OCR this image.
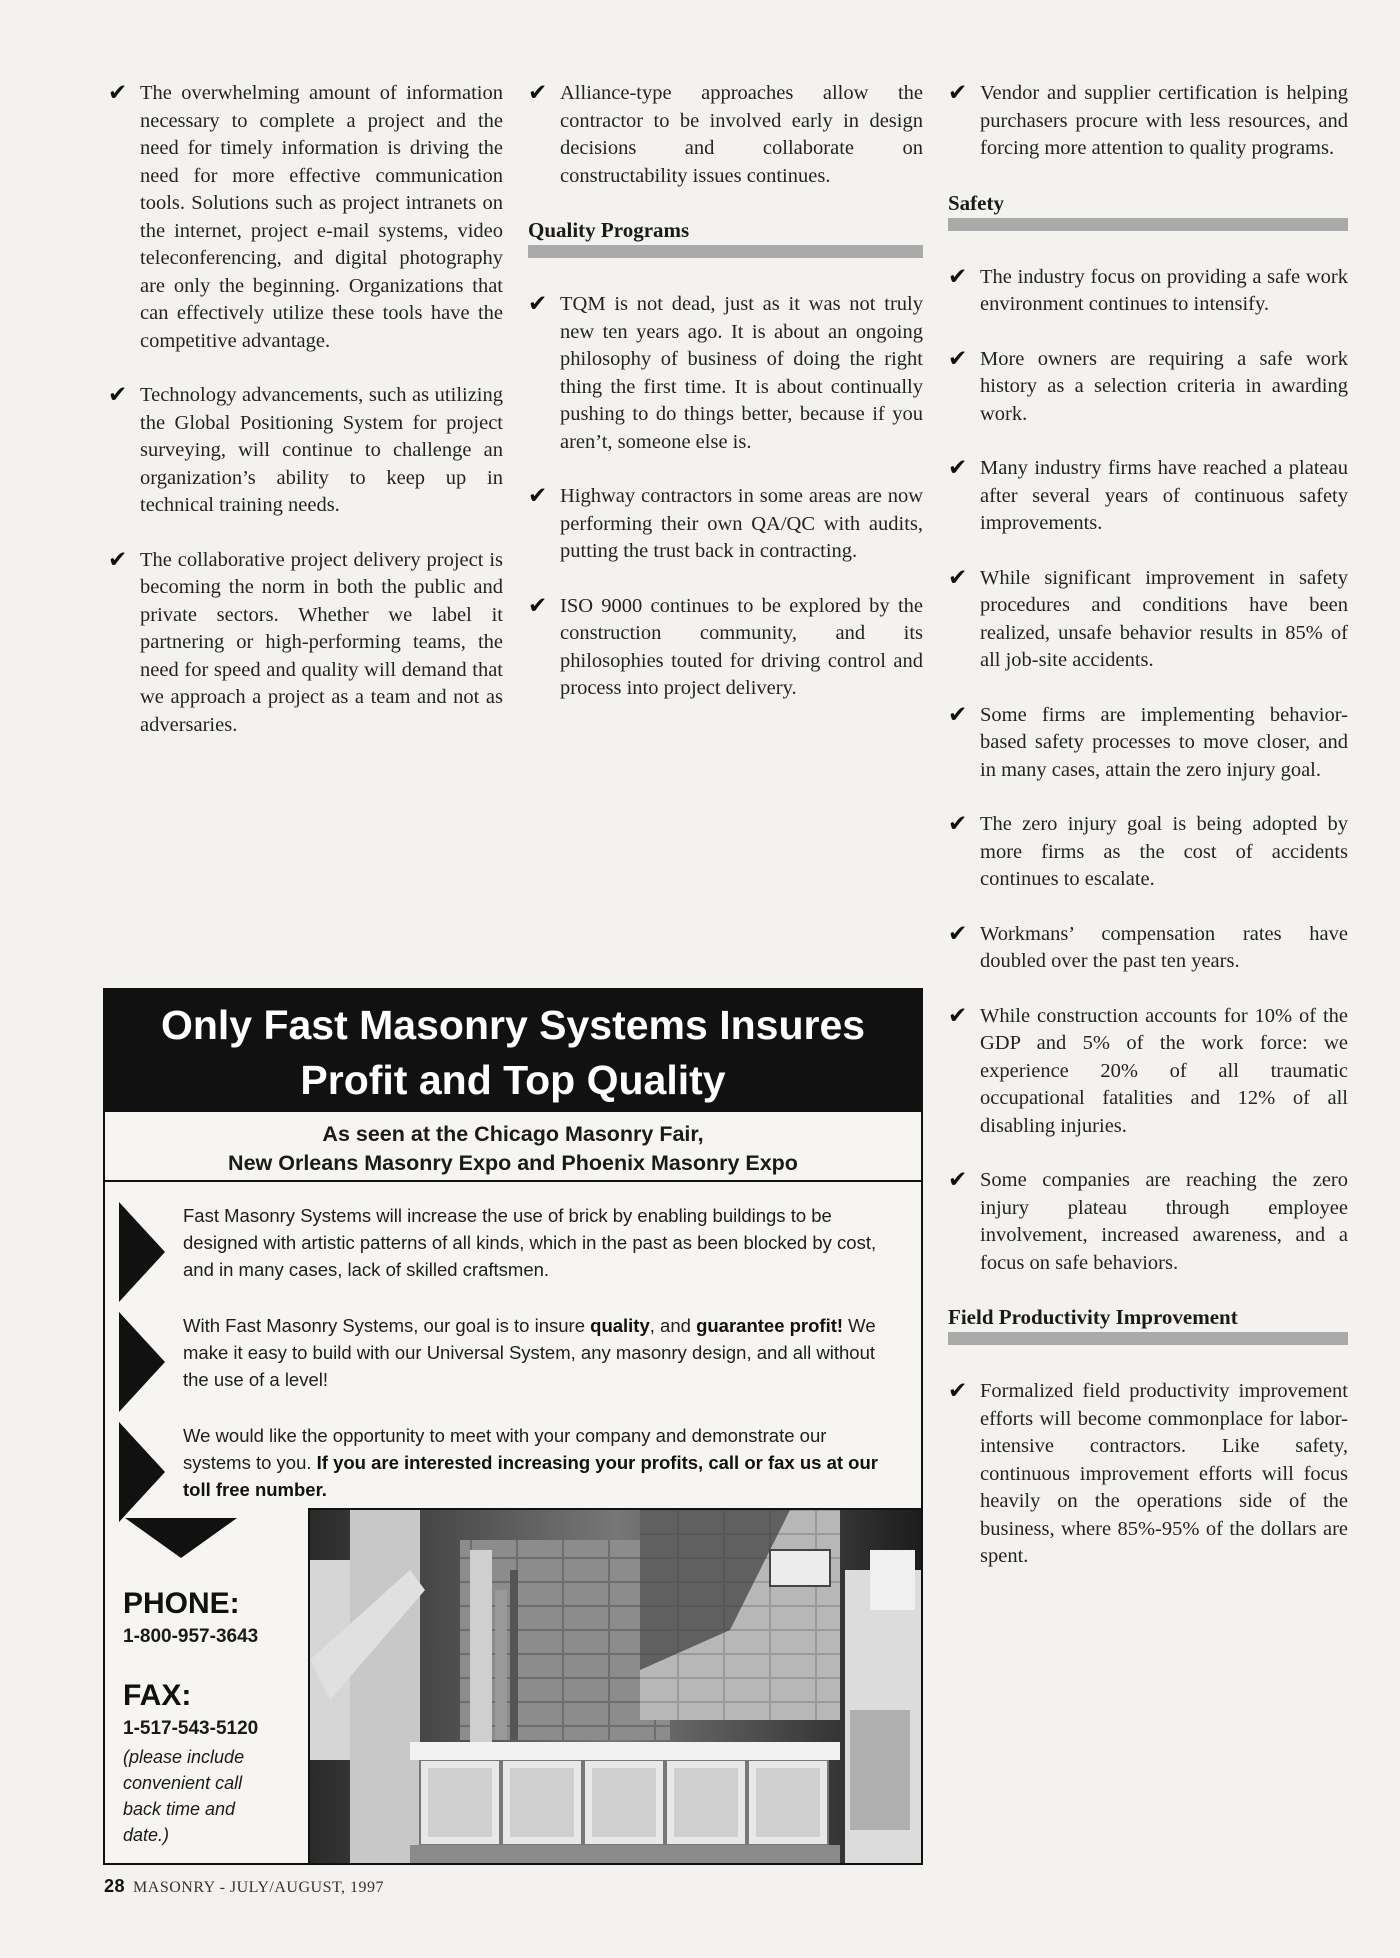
✔ The overwhelming amount of information necessary to complete a project and the need for timely information is driving the need for more effective communication tools. Solutions such as project intranets on the internet, project e-mail systems, video teleconferencing, and digital photography are only the beginning. Organizations that can effectively utilize these tools have the competitive advantage.

✔ Technology advancements, such as utilizing the Global Positioning System for project surveying, will continue to challenge an organization’s ability to keep up in technical training needs.

✔ The collaborative project delivery project is becoming the norm in both the public and private sectors. Whether we label it partnering or high-performing teams, the need for speed and quality will demand that we approach a project as a team and not as adversaries.

✔ Alliance-type approaches allow the contractor to be involved early in design decisions and collaborate on constructability issues continues.

Quality Programs

✔ TQM is not dead, just as it was not truly new ten years ago. It is about an ongoing philosophy of business of doing the right thing the first time. It is about continually pushing to do things better, because if you aren’t, someone else is.

✔ Highway contractors in some areas are now performing their own QA/QC with audits, putting the trust back in contracting.

✔ ISO 9000 continues to be explored by the construction community, and its philosophies touted for driving control and process into project delivery.

✔ Vendor and supplier certification is helping purchasers procure with less resources, and forcing more attention to quality programs.

Safety

✔ The industry focus on providing a safe work environment continues to intensify.

✔ More owners are requiring a safe work history as a selection criteria in awarding work.

✔ Many industry firms have reached a plateau after several years of continuous safety improvements.

✔ While significant improvement in safety procedures and conditions have been realized, unsafe behavior results in 85% of all job-site accidents.

✔ Some firms are implementing behavior-based safety processes to move closer, and in many cases, attain the zero injury goal.

✔ The zero injury goal is being adopted by more firms as the cost of accidents continues to escalate.

✔ Workmans’ compensation rates have doubled over the past ten years.

✔ While construction accounts for 10% of the GDP and 5% of the work force: we experience 20% of all traumatic occupational fatalities and 12% of all disabling injuries.

✔ Some companies are reaching the zero injury plateau through employee involvement, increased awareness, and a focus on safe behaviors.

Field Productivity Improvement

✔ Formalized field productivity improvement efforts will become commonplace for labor-intensive contractors. Like safety, continuous improvement efforts will focus heavily on the operations side of the business, where 85%-95% of the dollars are spent.

Only Fast Masonry Systems Insures
Profit and Top Quality
As seen at the Chicago Masonry Fair,
New Orleans Masonry Expo and Phoenix Masonry Expo
Fast Masonry Systems will increase the use of brick by enabling buildings to be designed with artistic patterns of all kinds, which in the past as been blocked by cost, and in many cases, lack of skilled craftsmen.
With Fast Masonry Systems, our goal is to insure quality, and guarantee profit! We make it easy to build with our Universal System, any masonry design, and all without the use of a level!
We would like the opportunity to meet with your company and demonstrate our systems to you. If you are interested increasing your profits, call or fax us at our toll free number.
PHONE:
1-800-957-3643
FAX:
1-517-543-5120
(please include convenient call back time and date.)
28 MASONRY - JULY/AUGUST, 1997
